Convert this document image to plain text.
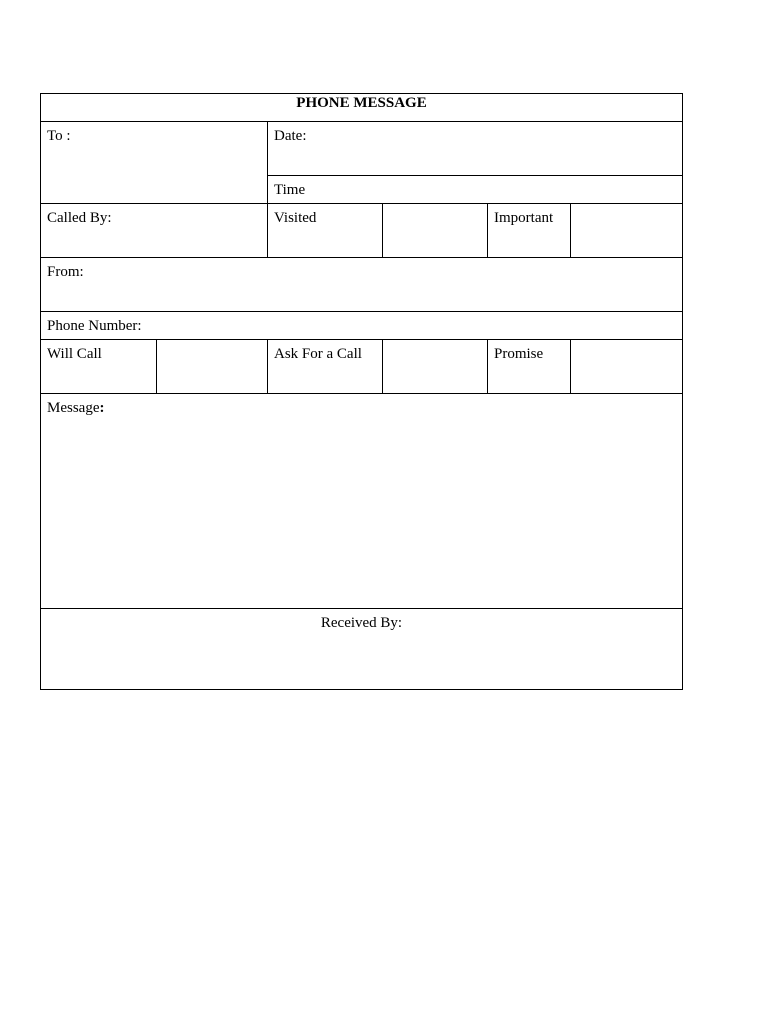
PHONE MESSAGE					
To :		Date:			
		Time			
Called By:		Visited		Important	
From:					
Phone Number:					
Will Call		Ask For a Call		Promise	
Message:					
Received By:					
